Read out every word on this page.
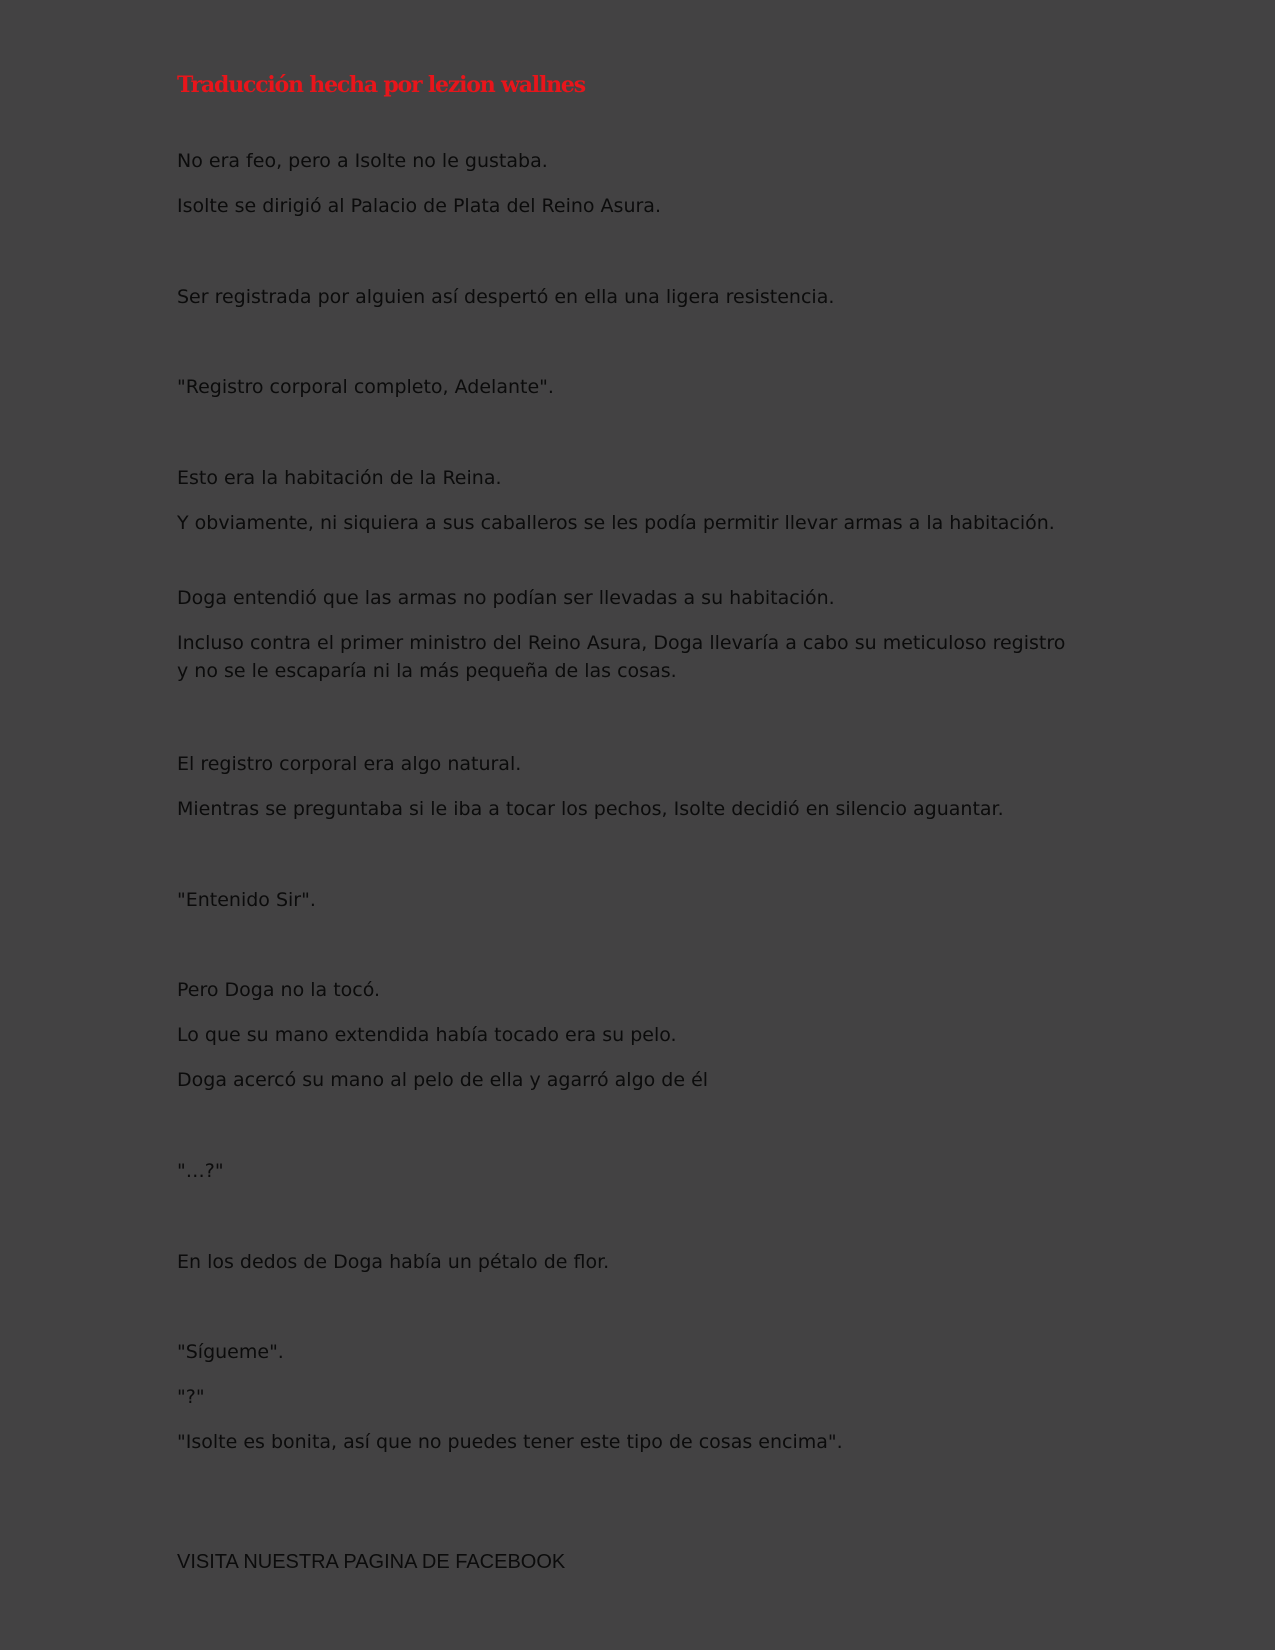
Traducción hecha por lezion wallnes

No era feo, pero a Isolte no le gustaba.

Isolte se dirigió al Palacio de Plata del Reino Asura.

Ser registrada por alguien así despertó en ella una ligera resistencia.

"Registro corporal completo, Adelante".

Esto era la habitación de la Reina.

Y obviamente, ni siquiera a sus caballeros se les podía permitir llevar armas a la habitación.

Doga entendió que las armas no podían ser llevadas a su habitación.

Incluso contra el primer ministro del Reino Asura, Doga llevaría a cabo su meticuloso registro y no se le escaparía ni la más pequeña de las cosas.

El registro corporal era algo natural.

Mientras se preguntaba si le iba a tocar los pechos, Isolte decidió en silencio aguantar.

"Entenido Sir".

Pero Doga no la tocó.

Lo que su mano extendida había tocado era su pelo.

Doga acercó su mano al pelo de ella y agarró algo de él

"…?"

En los dedos de Doga había un pétalo de flor.

"Sígueme".

"?"

"Isolte es bonita, así que no puedes tener este tipo de cosas encima".

VISITA NUESTRA PAGINA DE FACEBOOK
